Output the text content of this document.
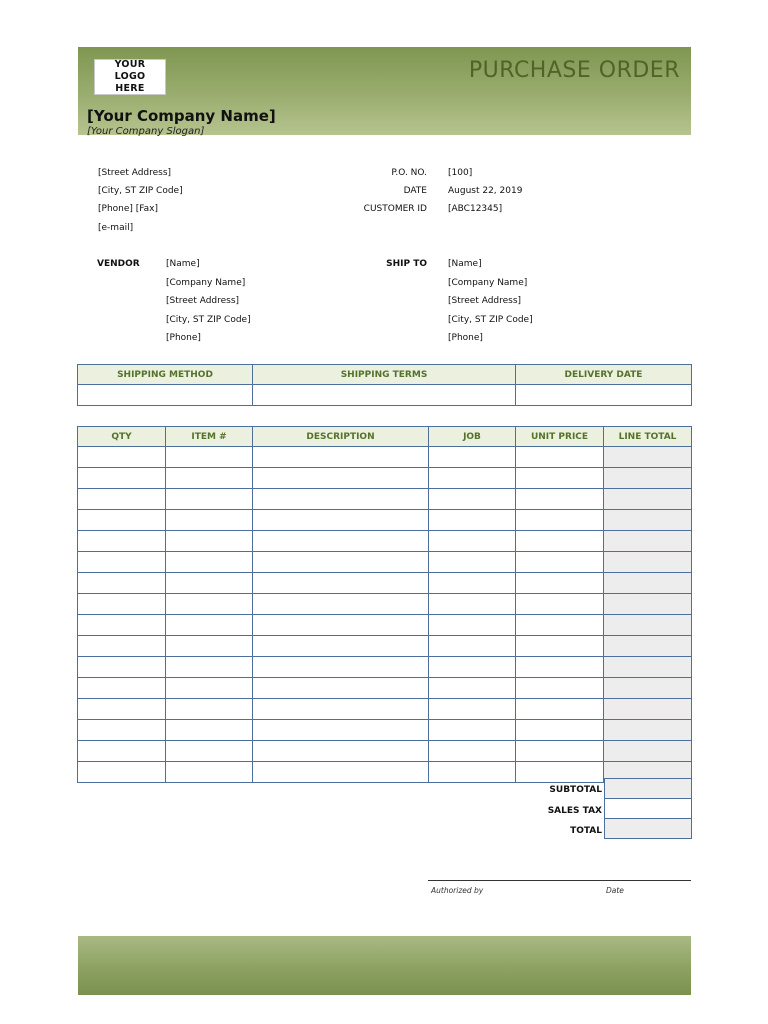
YOUR LOGO HERE
PURCHASE ORDER
[Your Company Name]
[Your Company Slogan]
[Street Address]
[City, ST ZIP Code]
[Phone] [Fax]
[e-mail]
P.O. NO. [100]
DATE August 22, 2019
CUSTOMER ID [ABC12345]
VENDOR	[Name]
[Company Name]
[Street Address]
[City, ST ZIP Code]
[Phone]
SHIP TO [Name]
[Company Name]
[Street Address]
[City, ST ZIP Code]
[Phone]
SHIPPING METHOD	SHIPPING TERMS	DELIVERY DATE

QTY	ITEM #	DESCRIPTION	JOB	UNIT PRICE	LINE TOTAL

SUBTOTAL
SALES TAX
TOTAL
Authorized by	Date
